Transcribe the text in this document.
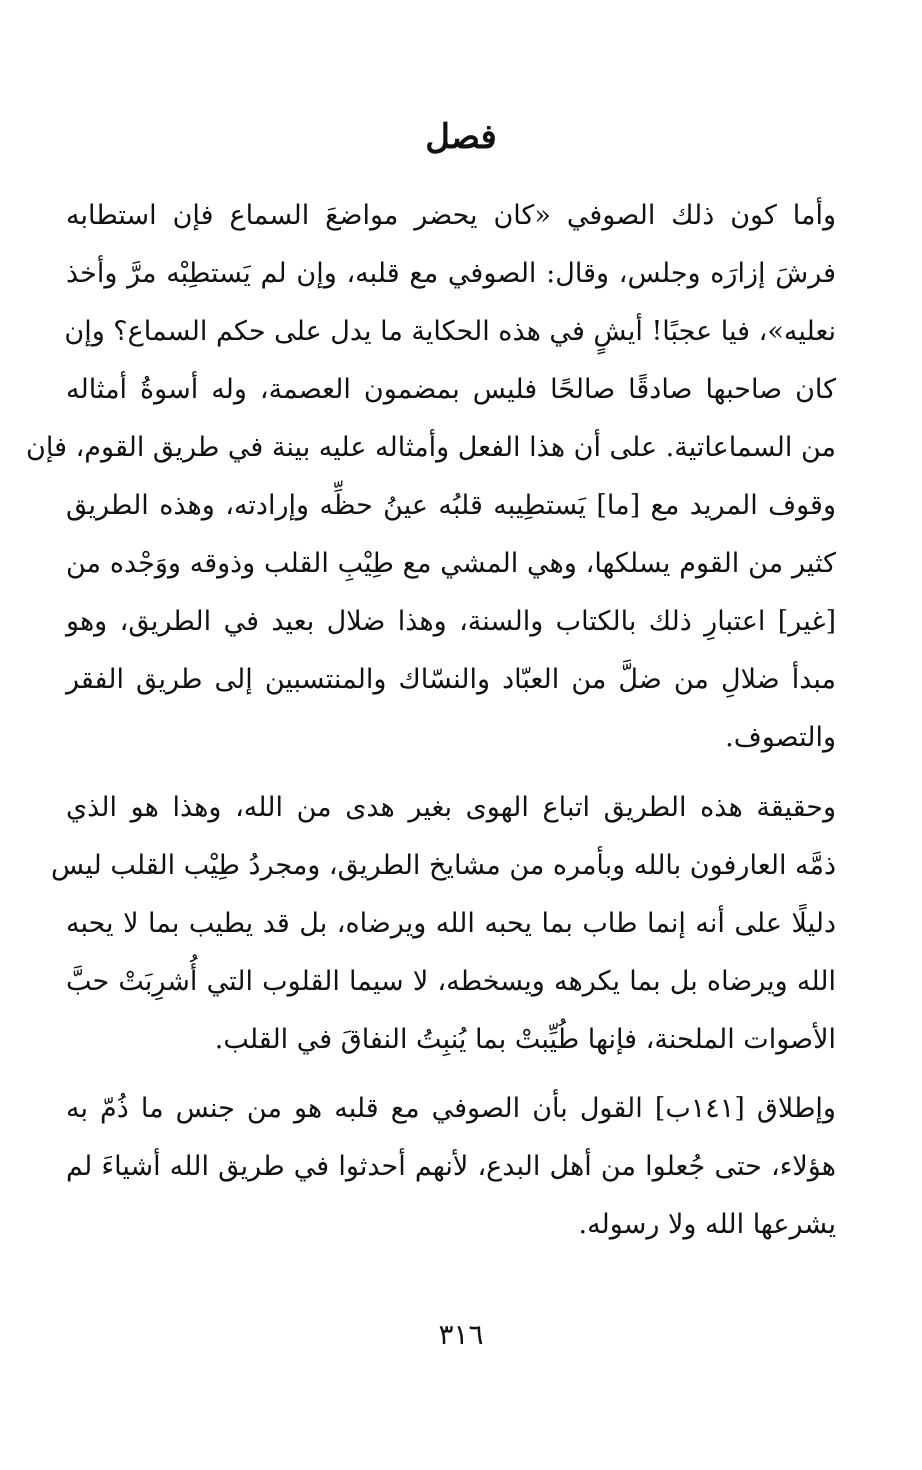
فصل
وأما كون ذلك الصوفي «كان يحضر مواضعَ السماع فإن استطابه
فرشَ إزارَه وجلس، وقال: الصوفي مع قلبه، وإن لم يَستطِبْه مرَّ وأخذ
نعليه»، فيا عجبًا! أيشٍ في هذه الحكاية ما يدل على حكم السماع؟ وإن
كان صاحبها صادقًا صالحًا فليس بمضمون العصمة، وله أسوةُ أمثاله
من السماعاتية. على أن هذا الفعل وأمثاله عليه بينة في طريق القوم، فإن
وقوف المريد مع [ما] يَستطِيبه قلبُه عينُ حظِّه وإرادته، وهذه الطريق
كثير من القوم يسلكها، وهي المشي مع طِيْبِ القلب وذوقه ووَجْده من
[غير] اعتبارِ ذلك بالكتاب والسنة، وهذا ضلال بعيد في الطريق، وهو
مبدأ ضلالِ من ضلَّ من العبّاد والنسّاك والمنتسبين إلى طريق الفقر
والتصوف.
وحقيقة هذه الطريق اتباع الهوى بغير هدى من الله، وهذا هو الذي
ذمَّه العارفون بالله وبأمره من مشايخ الطريق، ومجردُ طِيْب القلب ليس
دليلًا على أنه إنما طاب بما يحبه الله ويرضاه، بل قد يطيب بما لا يحبه
الله ويرضاه بل بما يكرهه ويسخطه، لا سيما القلوب التي أُشرِبَتْ حبَّ
الأصوات الملحنة، فإنها طُيِّبتْ بما يُنبِتُ النفاقَ في القلب.
وإطلاق [١٤١ب] القول بأن الصوفي مع قلبه هو من جنس ما ذُمّ به
هؤلاء، حتى جُعلوا من أهل البدع، لأنهم أحدثوا في طريق الله أشياءَ لم
يشرعها الله ولا رسوله.
٣١٦
